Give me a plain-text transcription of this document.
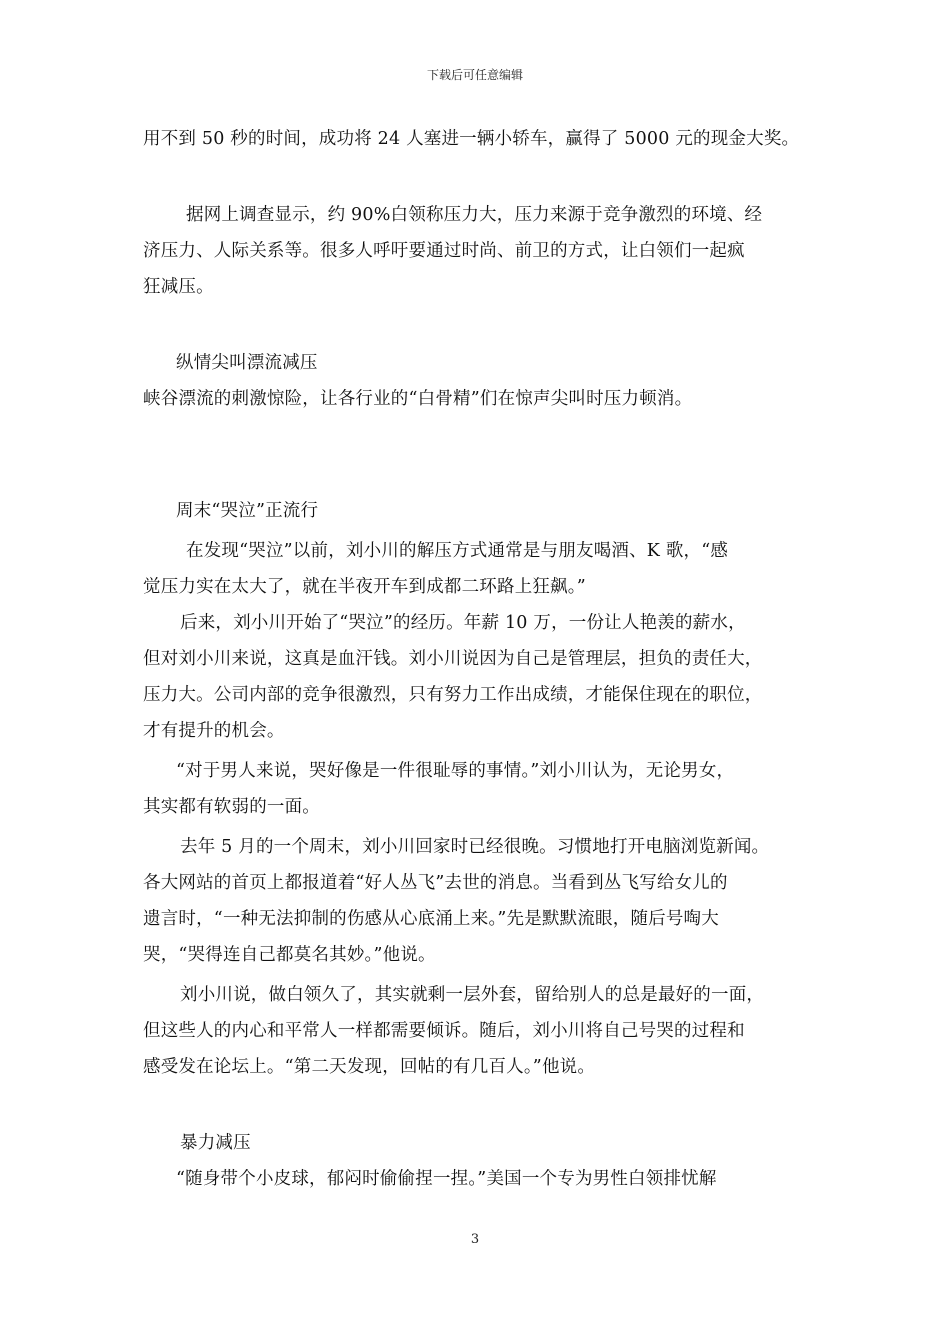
下载后可任意编辑
用不到 50 秒的时间，成功将 24 人塞进一辆小轿车，赢得了 5000 元的现金大奖。
据网上调查显示，约 90%白领称压力大，压力来源于竞争激烈的环境、经
济压力、人际关系等。很多人呼吁要通过时尚、前卫的方式，让白领们一起疯
狂减压。
纵情尖叫漂流减压
峡谷漂流的刺激惊险，让各行业的“白骨精”们在惊声尖叫时压力顿消。
周末“哭泣”正流行
在发现“哭泣”以前，刘小川的解压方式通常是与朋友喝酒、K 歌，“感
觉压力实在太大了，就在半夜开车到成都二环路上狂飙。”
后来，刘小川开始了“哭泣”的经历。年薪 10 万，一份让人艳羡的薪水，
但对刘小川来说，这真是血汗钱。刘小川说因为自己是管理层，担负的责任大，
压力大。公司内部的竞争很激烈，只有努力工作出成绩，才能保住现在的职位，
才有提升的机会。
“对于男人来说，哭好像是一件很耻辱的事情。”刘小川认为，无论男女，
其实都有软弱的一面。
去年 5 月的一个周末，刘小川回家时已经很晚。习惯地打开电脑浏览新闻。
各大网站的首页上都报道着“好人丛飞”去世的消息。当看到丛飞写给女儿的
遗言时，“一种无法抑制的伤感从心底涌上来。”先是默默流眼，随后号啕大
哭，“哭得连自己都莫名其妙。”他说。
刘小川说，做白领久了，其实就剩一层外套，留给别人的总是最好的一面，
但这些人的内心和平常人一样都需要倾诉。随后，刘小川将自己号哭的过程和
感受发在论坛上。“第二天发现，回帖的有几百人。”他说。
暴力减压
“随身带个小皮球，郁闷时偷偷捏一捏。”美国一个专为男性白领排忧解
3
